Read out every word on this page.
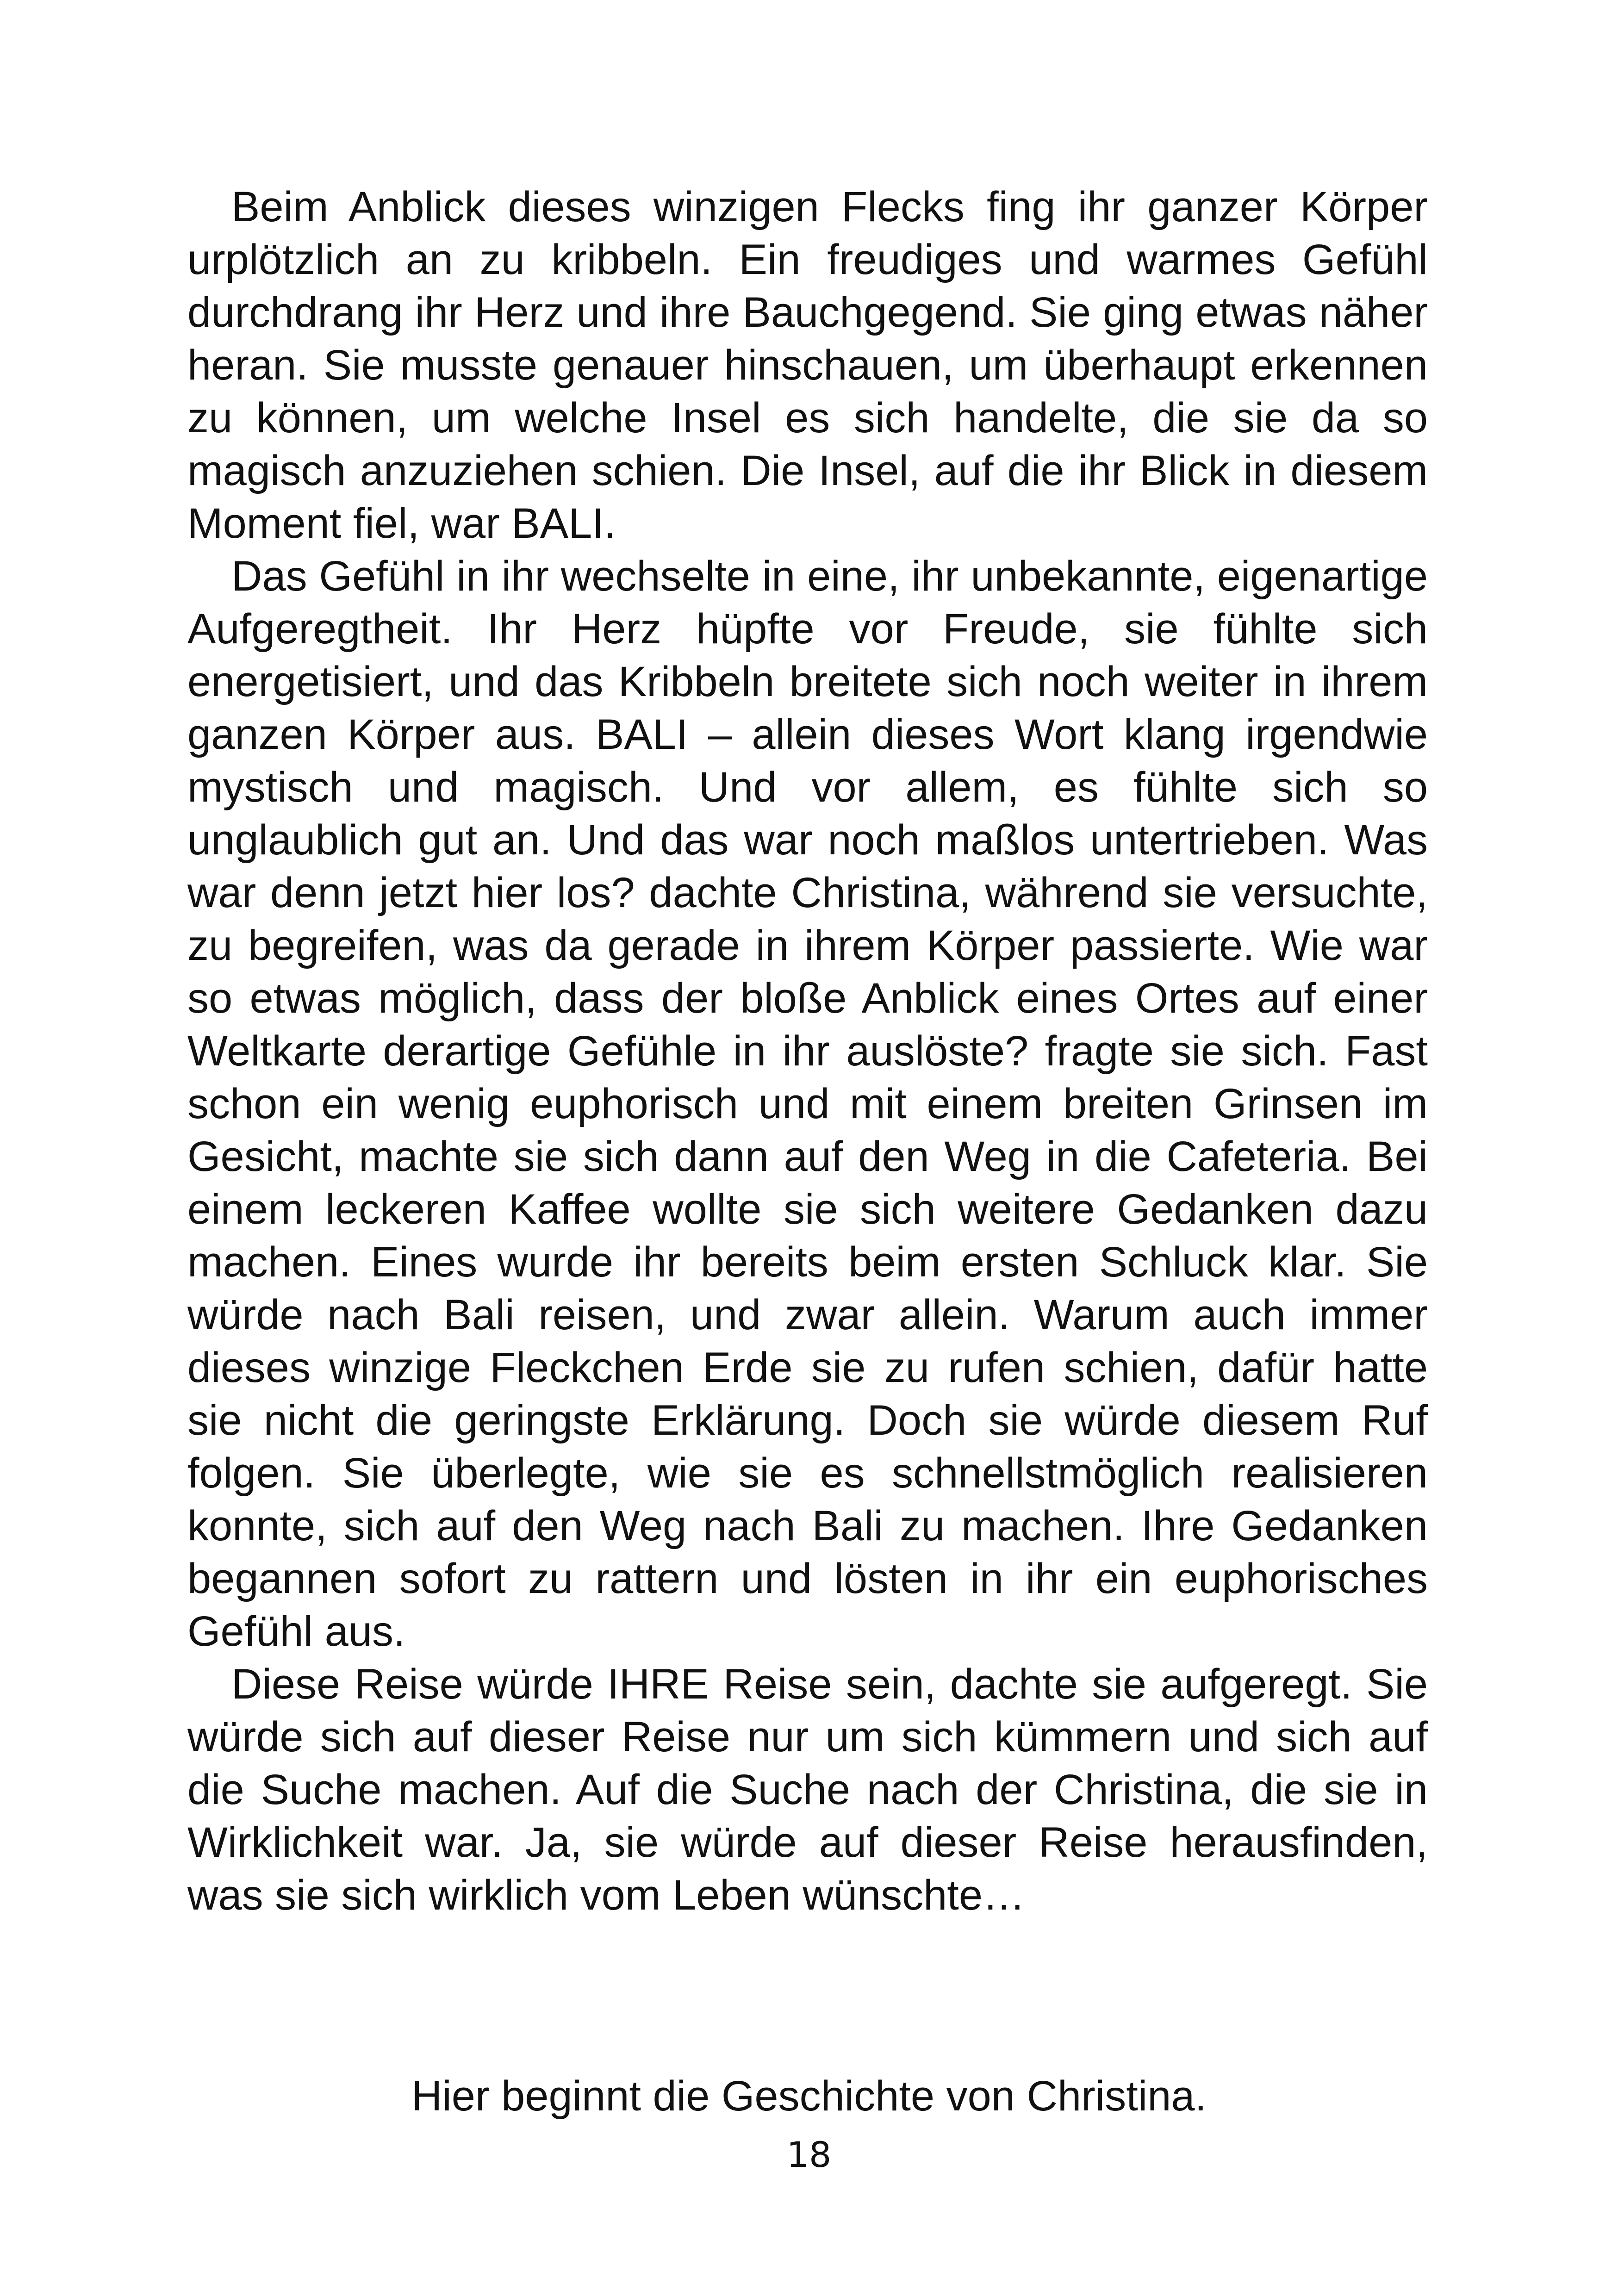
Beim Anblick dieses winzigen Flecks fing ihr ganzer Körper urplötzlich an zu kribbeln. Ein freudiges und warmes Gefühl durchdrang ihr Herz und ihre Bauchgegend. Sie ging etwas näher heran. Sie musste genauer hinschauen, um überhaupt erkennen zu können, um welche Insel es sich handelte, die sie da so magisch anzuziehen schien. Die Insel, auf die ihr Blick in diesem Moment fiel, war BALI.

Das Gefühl in ihr wechselte in eine, ihr unbekannte, eigenartige Aufgeregtheit. Ihr Herz hüpfte vor Freude, sie fühlte sich energetisiert, und das Kribbeln breitete sich noch weiter in ihrem ganzen Körper aus. BALI – allein dieses Wort klang irgendwie mystisch und magisch. Und vor allem, es fühlte sich so unglaublich gut an. Und das war noch maßlos untertrieben. Was war denn jetzt hier los? dachte Christina, während sie versuchte, zu begreifen, was da gerade in ihrem Körper passierte. Wie war so etwas möglich, dass der bloße Anblick eines Ortes auf einer Weltkarte derartige Gefühle in ihr auslöste? fragte sie sich. Fast schon ein wenig euphorisch und mit einem breiten Grinsen im Gesicht, machte sie sich dann auf den Weg in die Cafeteria. Bei einem leckeren Kaffee wollte sie sich weitere Gedanken dazu machen. Eines wurde ihr bereits beim ersten Schluck klar. Sie würde nach Bali reisen, und zwar allein. Warum auch immer dieses winzige Fleckchen Erde sie zu rufen schien, dafür hatte sie nicht die geringste Erklärung. Doch sie würde diesem Ruf folgen. Sie überlegte, wie sie es schnellstmöglich realisieren konnte, sich auf den Weg nach Bali zu machen. Ihre Gedanken begannen sofort zu rattern und lösten in ihr ein euphorisches Gefühl aus.

Diese Reise würde IHRE Reise sein, dachte sie aufgeregt. Sie würde sich auf dieser Reise nur um sich kümmern und sich auf die Suche machen. Auf die Suche nach der Christina, die sie in Wirklichkeit war. Ja, sie würde auf dieser Reise herausfinden, was sie sich wirklich vom Leben wünschte…

Hier beginnt die Geschichte von Christina.
18
